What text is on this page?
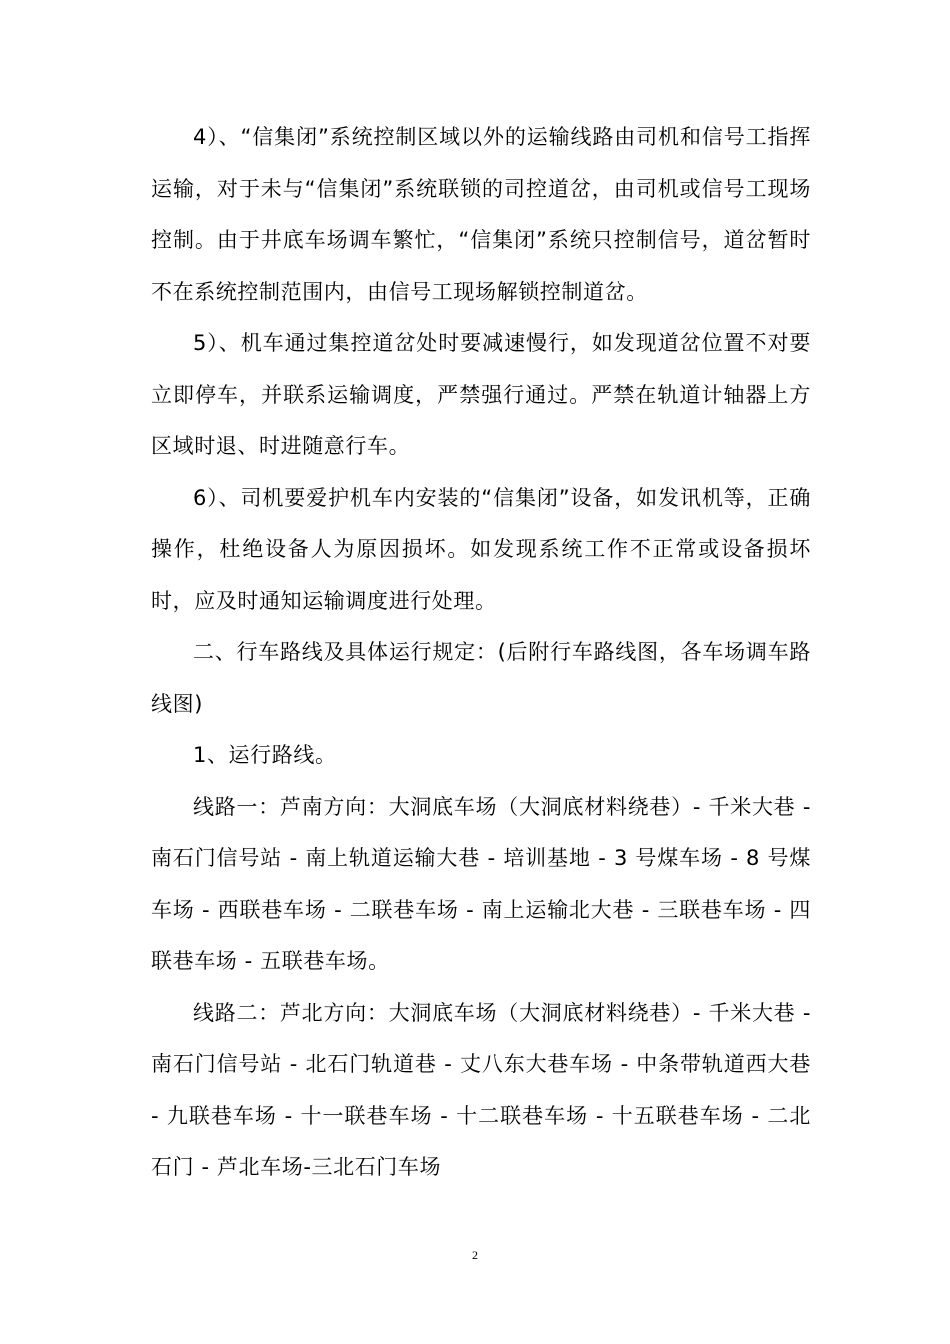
4）、“信集闭”系统控制区域以外的运输线路由司机和信号工指挥运输，对于未与“信集闭”系统联锁的司控道岔，由司机或信号工现场控制。由于井底车场调车繁忙，“信集闭”系统只控制信号，道岔暂时不在系统控制范围内，由信号工现场解锁控制道岔。

5）、机车通过集控道岔处时要减速慢行，如发现道岔位置不对要立即停车，并联系运输调度，严禁强行通过。严禁在轨道计轴器上方区域时退、时进随意行车。

6）、司机要爱护机车内安装的“信集闭”设备，如发讯机等，正确操作，杜绝设备人为原因损坏。如发现系统工作不正常或设备损坏时，应及时通知运输调度进行处理。

二、行车路线及具体运行规定：(后附行车路线图，各车场调车路线图)

1、运行路线。

线路一：芦南方向：大洞底车场（大洞底材料绕巷）- 千米大巷 - 南石门信号站 - 南上轨道运输大巷 - 培训基地 - 3 号煤车场 - 8 号煤车场 - 西联巷车场 - 二联巷车场 - 南上运输北大巷 - 三联巷车场 - 四联巷车场 - 五联巷车场。

线路二：芦北方向：大洞底车场（大洞底材料绕巷）- 千米大巷 - 南石门信号站 - 北石门轨道巷 - 丈八东大巷车场 - 中条带轨道西大巷 - 九联巷车场 - 十一联巷车场 - 十二联巷车场 - 十五联巷车场 - 二北石门 - 芦北车场-三北石门车场

2
